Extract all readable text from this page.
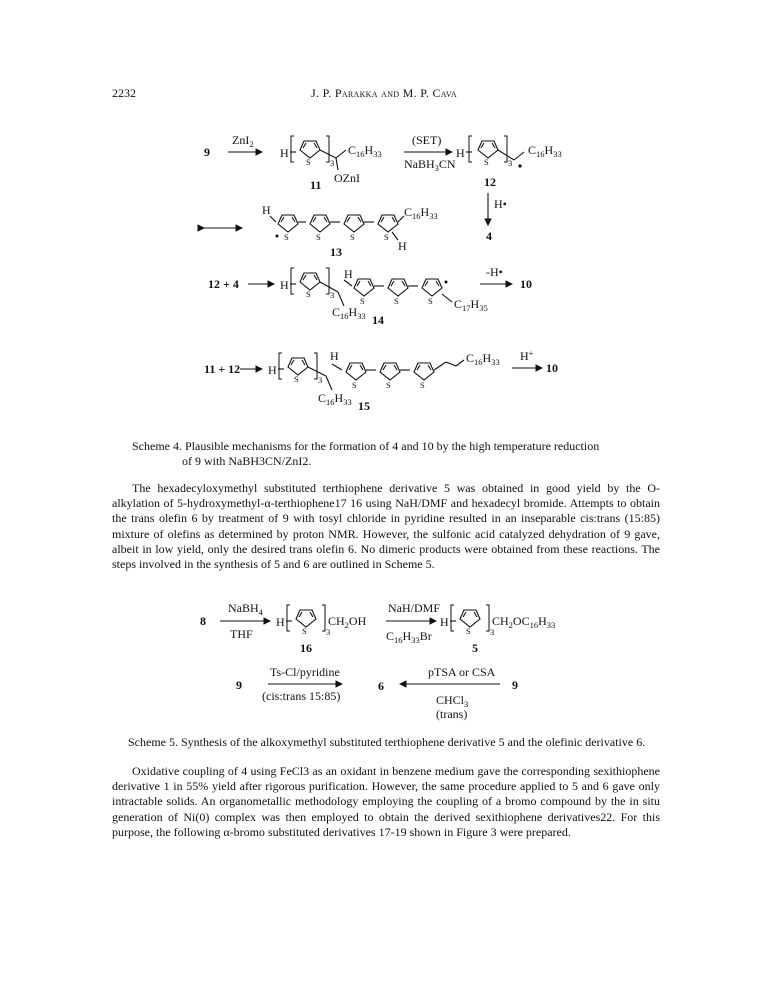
2232	J. P. Parakka and M. P. Cava
9
ZnI$_2$
H
S 3
$C_{16}H_{33}$
OZnI
11
(SET)
NaBH$_3$CN
H
S 3
$C_{16}H_{33}$
12
H•
4
H
S	S	S	S
$C_{16}H_{33}$
H
13
12 + 4	H
S 3
H
S	S	S $C_{17}H_{35}$
$C_{16}H_{33}$ 14
-H•
10
11 + 12 H
S 3
H
S	S	S
$C_{16}H_{33}$
$C_{16}H_{33}$ 15
H+
10
8
NaBH$_4$
THF
H
S 3
$CH_2OH$
16
NaH/DMF
$C_{16}H_{33}Br$
H
S 3
$CH_2OC_{16}H_{33}$
5
9
Ts-Cl/pyridine
(cis:trans 15:85)
6
pTSA or CSA
CHCl$_3$
(trans)
9
Scheme 4. Plausible mechanisms for the formation of 4 and 10 by the high temperature reduction
of 9 with NaBH3CN/ZnI2.

The hexadecyloxymethyl substituted terthiophene derivative 5 was obtained in good yield by the O-alkylation of 5-hydroxymethyl-α-terthiophene17 16 using NaH/DMF and hexadecyl bromide. Attempts to obtain the trans olefin 6 by treatment of 9 with tosyl chloride in pyridine resulted in an inseparable cis:trans (15:85) mixture of olefins as determined by proton NMR. However, the sulfonic acid catalyzed dehydration of 9 gave, albeit in low yield, only the desired trans olefin 6. No dimeric products were obtained from these reactions. The steps involved in the synthesis of 5 and 6 are outlined in Scheme 5.

Scheme 5. Synthesis of the alkoxymethyl substituted terthiophene derivative 5 and the olefinic derivative 6.

Oxidative coupling of 4 using FeCl3 as an oxidant in benzene medium gave the corresponding sexithiophene derivative 1 in 55% yield after rigorous purification. However, the same procedure applied to 5 and 6 gave only intractable solids. An organometallic methodology employing the coupling of a bromo compound by the in situ generation of Ni(0) complex was then employed to obtain the derived sexithiophene derivatives22. For this purpose, the following α-bromo substituted derivatives 17-19 shown in Figure 3 were prepared.
